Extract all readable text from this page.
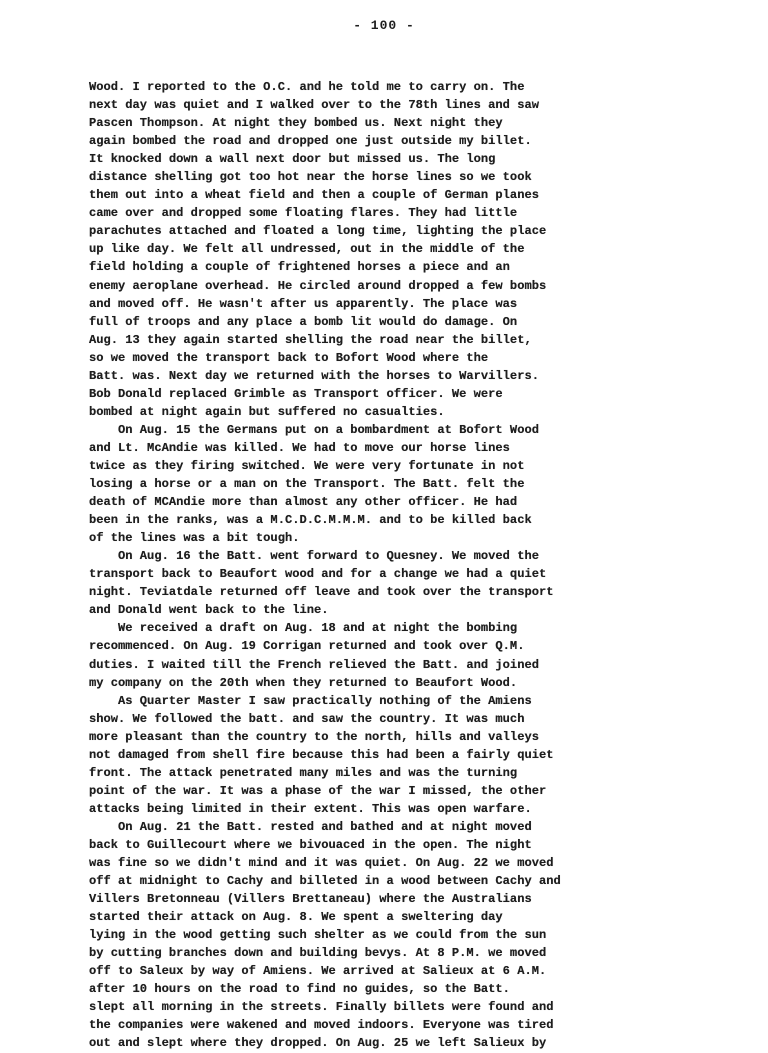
- 100 -
Wood. I reported to the O.C. and he told me to carry on. The
next day was quiet and I walked over to the 78th lines and saw
Pascen Thompson. At night they bombed us. Next night they
again bombed the road and dropped one just outside my billet.
It knocked down a wall next door but missed us. The long
distance shelling got too hot near the horse lines so we took
them out into a wheat field and then a couple of German planes
came over and dropped some floating flares. They had little
parachutes attached and floated a long time, lighting the place
up like day. We felt all undressed, out in the middle of the
field holding a couple of frightened horses a piece and an
enemy aeroplane overhead. He circled around dropped a few bombs
and moved off. He wasn't after us apparently. The place was
full of troops and any place a bomb lit would do damage. On
Aug. 13 they again started shelling the road near the billet,
so we moved the transport back to Bofort Wood where the
Batt. was. Next day we returned with the horses to Warvillers.
Bob Donald replaced Grimble as Transport officer. We were
bombed at night again but suffered no casualties.
On Aug. 15 the Germans put on a bombardment at Bofort Wood
and Lt. McAndie was killed. We had to move our horse lines
twice as they firing switched. We were very fortunate in not
losing a horse or a man on the Transport. The Batt. felt the
death of MCAndie more than almost any other officer. He had
been in the ranks, was a M.C.D.C.M.M.M. and to be killed back
of the lines was a bit tough.
On Aug. 16 the Batt. went forward to Quesney. We moved the
transport back to Beaufort wood and for a change we had a quiet
night. Teviatdale returned off leave and took over the transport
and Donald went back to the line.
We received a draft on Aug. 18 and at night the bombing
recommenced. On Aug. 19 Corrigan returned and took over Q.M.
duties. I waited till the French relieved the Batt. and joined
my company on the 20th when they returned to Beaufort Wood.
As Quarter Master I saw practically nothing of the Amiens
show. We followed the batt. and saw the country. It was much
more pleasant than the country to the north, hills and valleys
not damaged from shell fire because this had been a fairly quiet
front. The attack penetrated many miles and was the turning
point of the war. It was a phase of the war I missed, the other
attacks being limited in their extent. This was open warfare.
On Aug. 21 the Batt. rested and bathed and at night moved
back to Guillecourt where we bivouaced in the open. The night
was fine so we didn't mind and it was quiet. On Aug. 22 we moved
off at midnight to Cachy and billeted in a wood between Cachy and
Villers Bretonneau (Villers Brettaneau) where the Australians
started their attack on Aug. 8. We spent a sweltering day
lying in the wood getting such shelter as we could from the sun
by cutting branches down and building bevys. At 8 P.M. we moved
off to Saleux by way of Amiens. We arrived at Salieux at 6 A.M.
after 10 hours on the road to find no guides, so the Batt.
slept all morning in the streets. Finally billets were found and
the companies were wakened and moved indoors. Everyone was tired
out and slept where they dropped. On Aug. 25 we left Salieux by
